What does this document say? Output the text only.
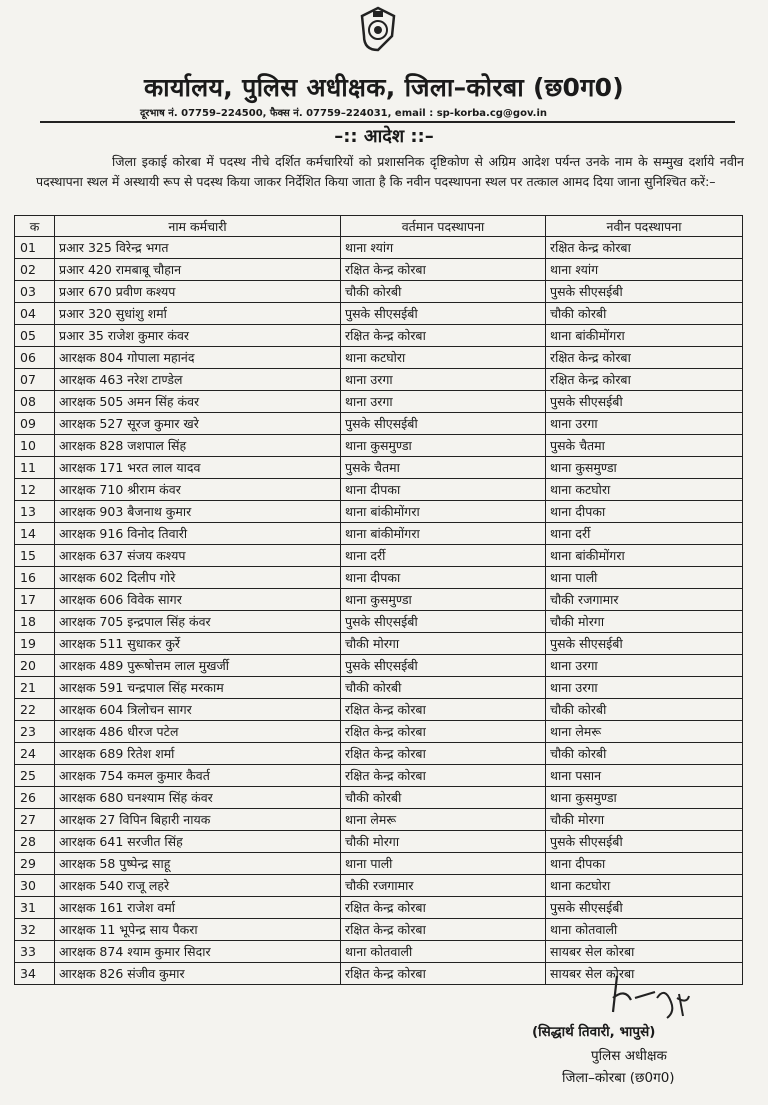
कार्यालय, पुलिस अधीक्षक, जिला–कोरबा (छ0ग0)
दूरभाष नं. 07759–224500, फैक्स नं. 07759–224031, email : sp-korba.cg@gov.in
–:: आदेश ::–
जिला इकाई कोरबा में पदस्थ नीचे दर्शित कर्मचारियों को प्रशासनिक दृष्टिकोण से अग्रिम आदेश पर्यन्त उनके नाम के सम्मुख दर्शाये नवीन पदस्थापना स्थल में अस्थायी रूप से पदस्थ किया जाकर निर्देशित किया जाता है कि नवीन पदस्थापना स्थल पर तत्काल आमद दिया जाना सुनिश्चित करें:–
क	नाम कर्मचारी	वर्तमान पदस्थापना	नवीन पदस्थापना
01	प्रआर 325 विरेन्द्र भगत	थाना श्यांग	रक्षित केन्द्र कोरबा
02	प्रआर 420 रामबाबू चौहान	रक्षित केन्द्र कोरबा	थाना श्यांग
03	प्रआर 670 प्रवीण कश्यप	चौकी कोरबी	पुसके सीएसईबी
04	प्रआर 320 सुधांशु शर्मा	पुसके सीएसईबी	चौकी कोरबी
05	प्रआर 35 राजेश कुमार कंवर	रक्षित केन्द्र कोरबा	थाना बांकीमोंगरा
06	आरक्षक 804 गोपाला महानंद	थाना कटघोरा	रक्षित केन्द्र कोरबा
07	आरक्षक 463 नरेश टाण्डेल	थाना उरगा	रक्षित केन्द्र कोरबा
08	आरक्षक 505 अमन सिंह कंवर	थाना उरगा	पुसके सीएसईबी
09	आरक्षक 527 सूरज कुमार खरे	पुसके सीएसईबी	थाना उरगा
10	आरक्षक 828 जशपाल सिंह	थाना कुसमुण्डा	पुसके चैतमा
11	आरक्षक 171 भरत लाल यादव	पुसके चैतमा	थाना कुसमुण्डा
12	आरक्षक 710 श्रीराम कंवर	थाना दीपका	थाना कटघोरा
13	आरक्षक 903 बैजनाथ कुमार	थाना बांकीमोंगरा	थाना दीपका
14	आरक्षक 916 विनोद तिवारी	थाना बांकीमोंगरा	थाना दर्री
15	आरक्षक 637 संजय कश्यप	थाना दर्री	थाना बांकीमोंगरा
16	आरक्षक 602 दिलीप गोरे	थाना दीपका	थाना पाली
17	आरक्षक 606 विवेक सागर	थाना कुसमुण्डा	चौकी रजगामार
18	आरक्षक 705 इन्द्रपाल सिंह कंवर	पुसके सीएसईबी	चौकी मोरगा
19	आरक्षक 511 सुधाकर कुर्रे	चौकी मोरगा	पुसके सीएसईबी
20	आरक्षक 489 पुरूषोत्तम लाल मुखर्जी	पुसके सीएसईबी	थाना उरगा
21	आरक्षक 591 चन्द्रपाल सिंह मरकाम	चौकी कोरबी	थाना उरगा
22	आरक्षक 604 त्रिलोचन सागर	रक्षित केन्द्र कोरबा	चौकी कोरबी
23	आरक्षक 486 धीरज पटेल	रक्षित केन्द्र कोरबा	थाना लेमरू
24	आरक्षक 689 रितेश शर्मा	रक्षित केन्द्र कोरबा	चौकी कोरबी
25	आरक्षक 754 कमल कुमार कैवर्त	रक्षित केन्द्र कोरबा	थाना पसान
26	आरक्षक 680 घनश्याम सिंह कंवर	चौकी कोरबी	थाना कुसमुण्डा
27	आरक्षक 27 विपिन बिहारी नायक	थाना लेमरू	चौकी मोरगा
28	आरक्षक 641 सरजीत सिंह	चौकी मोरगा	पुसके सीएसईबी
29	आरक्षक 58 पुष्पेन्द्र साहू	थाना पाली	थाना दीपका
30	आरक्षक 540 राजू लहरे	चौकी रजगामार	थाना कटघोरा
31	आरक्षक 161 राजेश वर्मा	रक्षित केन्द्र कोरबा	पुसके सीएसईबी
32	आरक्षक 11 भूपेन्द्र साय पैकरा	रक्षित केन्द्र कोरबा	थाना कोतवाली
33	आरक्षक 874 श्याम कुमार सिदार	थाना कोतवाली	सायबर सेल कोरबा
34	आरक्षक 826 संजीव कुमार	रक्षित केन्द्र कोरबा	सायबर सेल कोरबा
(सिद्धार्थ तिवारी, भापुसे)
पुलिस अधीक्षक
जिला–कोरबा (छ0ग0)
